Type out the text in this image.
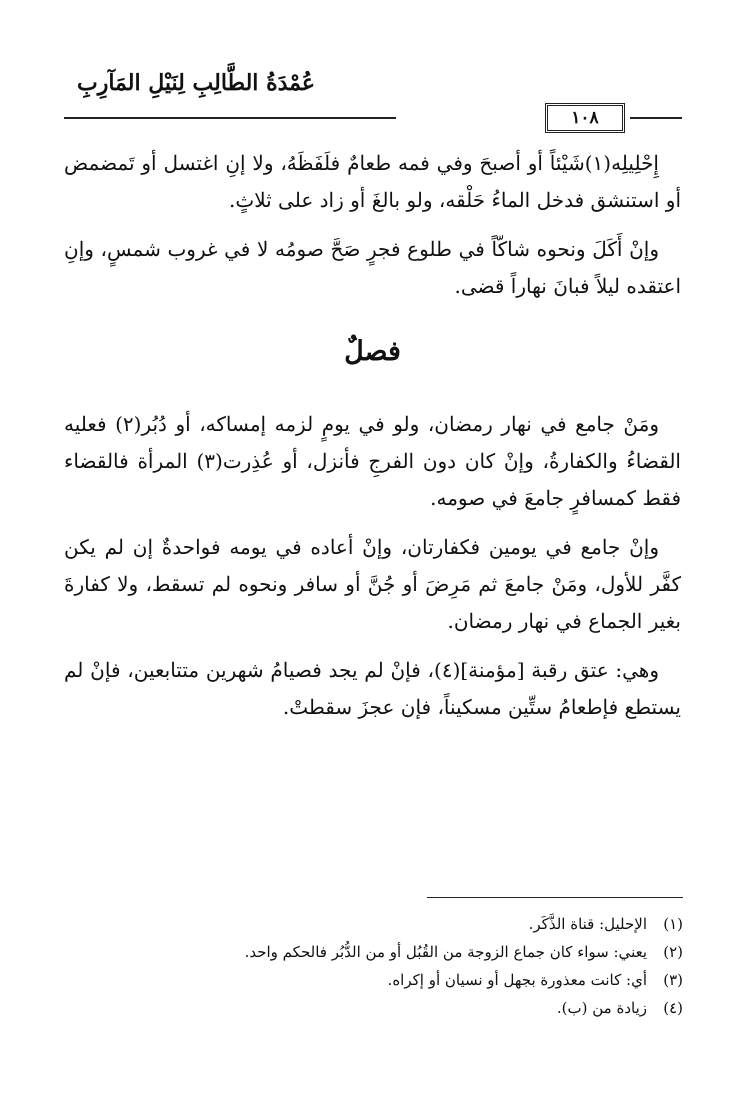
عُمْدَةُ الطَّالِبِ لِنَيْلِ المَآرِبِ
١٠٨

إِحْلِيلِه(١)شَيْئاً أو أصبحَ وفي فمه طعامٌ فلَفَظَهُ، ولا إنِ اغتسل أو تَمضمض أو استنشق فدخل الماءُ حَلْقه، ولو بالغَ أو زاد على ثلاثٍ.

وإنْ أَكَلَ ونحوه شاكّاً في طلوع فجرٍ صَحَّ صومُه لا في غروب شمسٍ، وإنِ اعتقده ليلاً فبانَ نهاراً قضى.

فصلٌ

ومَنْ جامع في نهار رمضان، ولو في يومٍ لزمه إمساكه، أو دُبُر(٢) فعليه القضاءُ والكفارةُ، وإنْ كان دون الفرجِ فأنزل، أو عُذِرت(٣) المرأة فالقضاء فقط كمسافرٍ جامعَ في صومه.

وإنْ جامع في يومين فكفارتان، وإنْ أعاده في يومه فواحدةٌ إن لم يكن كفَّر للأول، ومَنْ جامعَ ثم مَرِضَ أو جُنَّ أو سافر ونحوه لم تسقط، ولا كفارةَ بغير الجماع في نهار رمضان.

وهي: عتق رقبة [مؤمنة](٤)، فإنْ لم يجد فصيامُ شهرين متتابعين، فإنْ لم يستطع فإطعامُ ستِّين مسكيناً، فإن عجزَ سقطتْ.

(١)
الإحليل: قناة الذَّكَر.
(٢)
يعني: سواء كان جماع الزوجة من القُبُل أو من الدُّبُر فالحكم واحد.
(٣)
أي: كانت معذورة بجهل أو نسيان أو إكراه.
(٤)
زيادة من (ب).
